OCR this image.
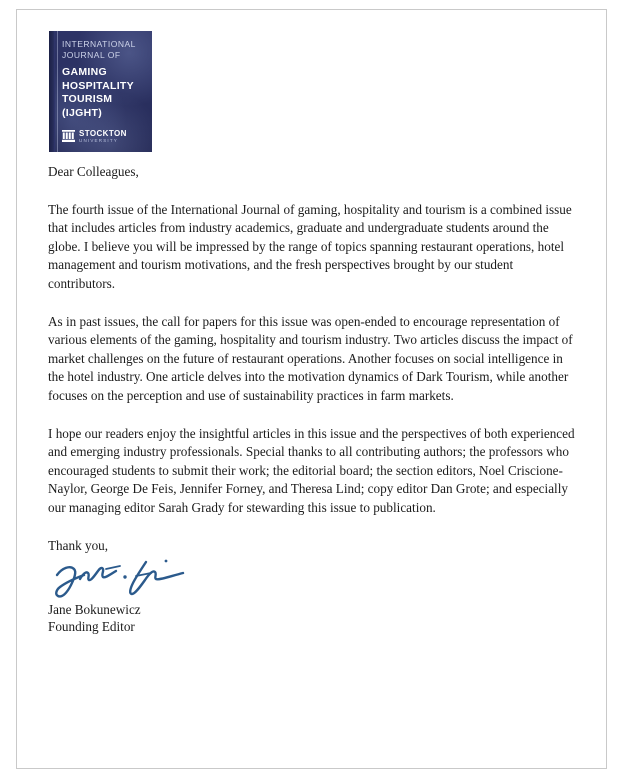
INTERNATIONAL
JOURNAL OF
GAMING
HOSPITALITY
TOURISM
(IJGHT)
STOCKTON
UNIVERSITY

Dear Colleagues,

The fourth issue of the International Journal of gaming, hospitality and tourism is a combined issue that includes articles from industry academics, graduate and undergraduate students around the globe. I believe you will be impressed by the range of topics spanning restaurant operations, hotel management and tourism motivations, and the fresh perspectives brought by our student contributors.

As in past issues, the call for papers for this issue was open-ended to encourage representation of various elements of the gaming, hospitality and tourism industry. Two articles discuss the impact of market challenges on the future of restaurant operations. Another focuses on social intelligence in the hotel industry. One article delves into the motivation dynamics of Dark Tourism, while another focuses on the perception and use of sustainability practices in farm markets.

I hope our readers enjoy the insightful articles in this issue and the perspectives of both experienced and emerging industry professionals. Special thanks to all contributing authors; the professors who encouraged students to submit their work; the editorial board; the section editors, Noel Criscione-Naylor, George De Feis, Jennifer Forney, and Theresa Lind; copy editor Dan Grote; and especially our managing editor Sarah Grady for stewarding this issue to publication.

Thank you,

Jane Bokunewicz
Founding Editor
